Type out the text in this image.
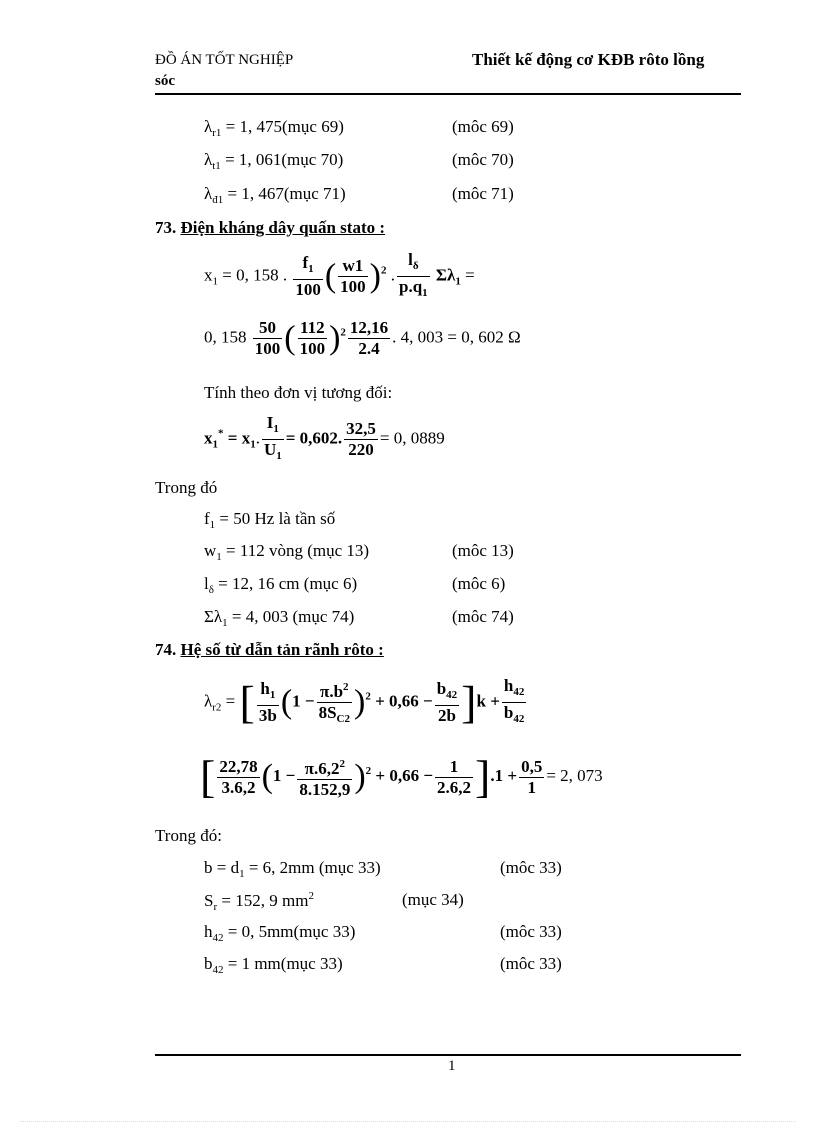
ĐỒ ÁN TỐT NGHIỆP
sóc
Thiết kế động cơ KĐB rôto lồng
$\lambda_{r1} = 1$, 475(mục 69)	(môc 69)
$\lambda_{t1} = 1$, 061(mục 70)	(môc 70)
$\lambda_{đ1} = 1$, 467(mục 71)	(môc 71)
73. Điện kháng dây quấn stato :
$x_1 = 0$, 158 . $\frac{f_1}{100}$ ( $\frac{w1}{100} )^2$ . $\frac{l_\delta}{p.q_1} \Sigma\lambda_1$ =
0, $158 \frac{50}{100}$ ( $\frac{112}{100} )^2 \frac{12,16}{2.4}$ . 4, 003 = 0, 602 Ω
Tính theo đơn vị tương đối:
$x_1^* = x_1$. $\frac{I_1}{U_1} = 0,602$. $\frac{32,5}{220} = 0$, 0889
Trong đó
$f_1 = 50$ Hz là tần số
$w_1 = 112$ vòng (mục 13)	(môc 13)
$l_\delta = 12$, 16 cm (mục 6)	(môc 6)
$\Sigma\lambda_1 = 4$, 003 (mục 74)	(môc 74)
74. Hệ số từ dẫn tản rãnh rôto :
$\lambda_{r2}$ = [ $\frac{h_1}{3b} (1 - \frac{\pi.b^2}{8S_{C2}} )^2 + 0,66 - \frac{b_{42}}{2b} ]k + \frac{h_{42}}{b_{42}}$
[ $\frac{22,78}{3.6,2} (1 - \frac{\pi.6,2^2}{8.152,9} )^2 + 0,66 - \frac{1}{2.6,2} ].1 + \frac{0,5}{1} = 2$, 073
Trong đó:
$b = d_1 = 6$, 2mm (mục 33)	(môc 33)
$S_r = 152$, 9 $mm^2$	(mục 34)
$h_{42} = 0$, 5mm(mục 33)	(môc 33)
$b_{42} = 1$ mm(mục 33)	(môc 33)
1
